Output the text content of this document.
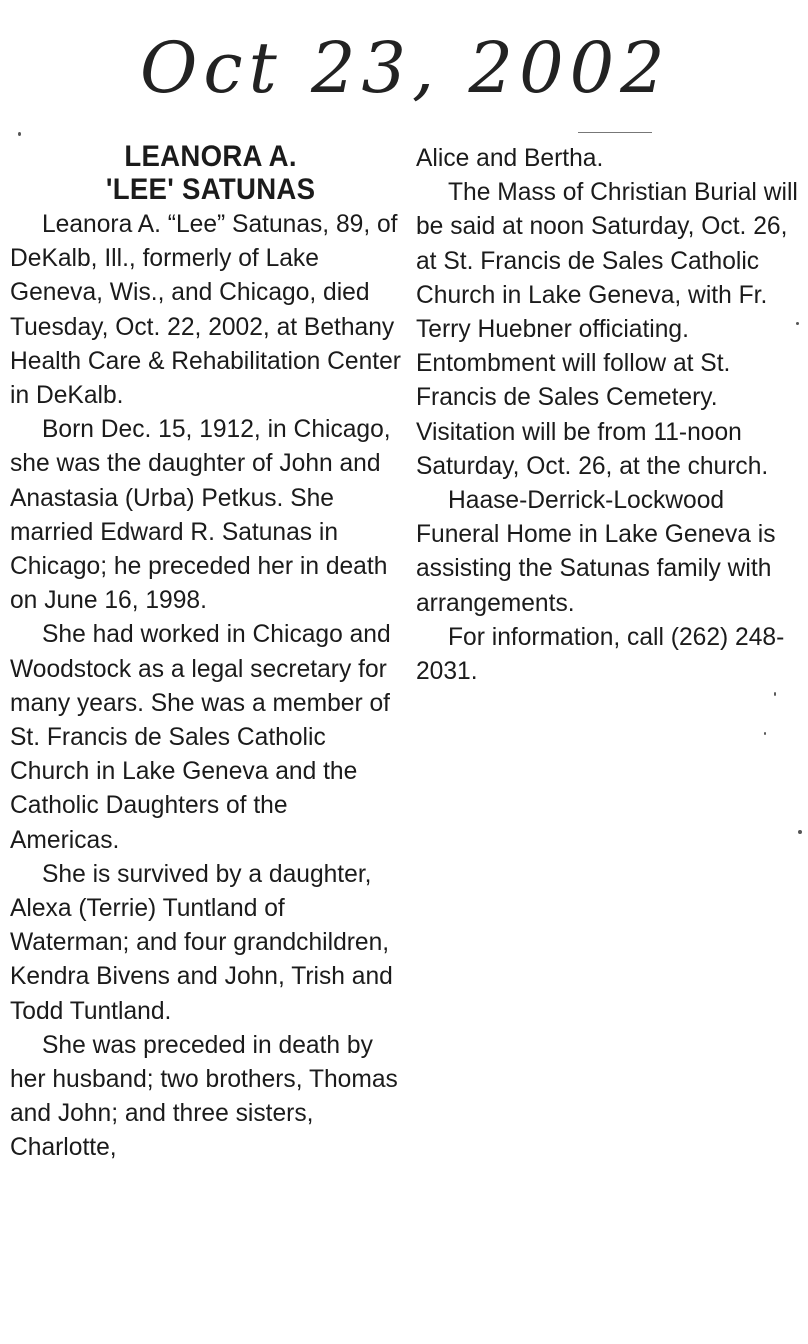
Oct 23, 2002
LEANORA A.
'LEE' SATUNAS

Leanora A. “Lee” Satunas, 89, of DeKalb, Ill., formerly of Lake Geneva, Wis., and Chicago, died Tuesday, Oct. 22, 2002, at Bethany Health Care & Rehabilitation Center in DeKalb.

Born Dec. 15, 1912, in Chicago, she was the daughter of John and Anastasia (Urba) Petkus. She married Edward R. Satunas in Chicago; he preceded her in death on June 16, 1998.

She had worked in Chicago and Woodstock as a legal secretary for many years. She was a member of St. Francis de Sales Catholic Church in Lake Geneva and the Catholic Daughters of the Americas.

She is survived by a daughter, Alexa (Terrie) Tuntland of Waterman; and four grandchildren, Kendra Bivens and John, Trish and Todd Tuntland.

She was preceded in death by her husband; two brothers, Thomas and John; and three sisters, Charlotte,

Alice and Bertha.

The Mass of Christian Burial will be said at noon Saturday, Oct. 26, at St. Francis de Sales Catholic Church in Lake Geneva, with Fr. Terry Huebner officiating. Entombment will follow at St. Francis de Sales Cemetery. Visitation will be from 11-noon Saturday, Oct. 26, at the church.

Haase-Derrick-Lockwood Funeral Home in Lake Geneva is assisting the Satunas family with arrangements.

For information, call (262) 248-2031.
